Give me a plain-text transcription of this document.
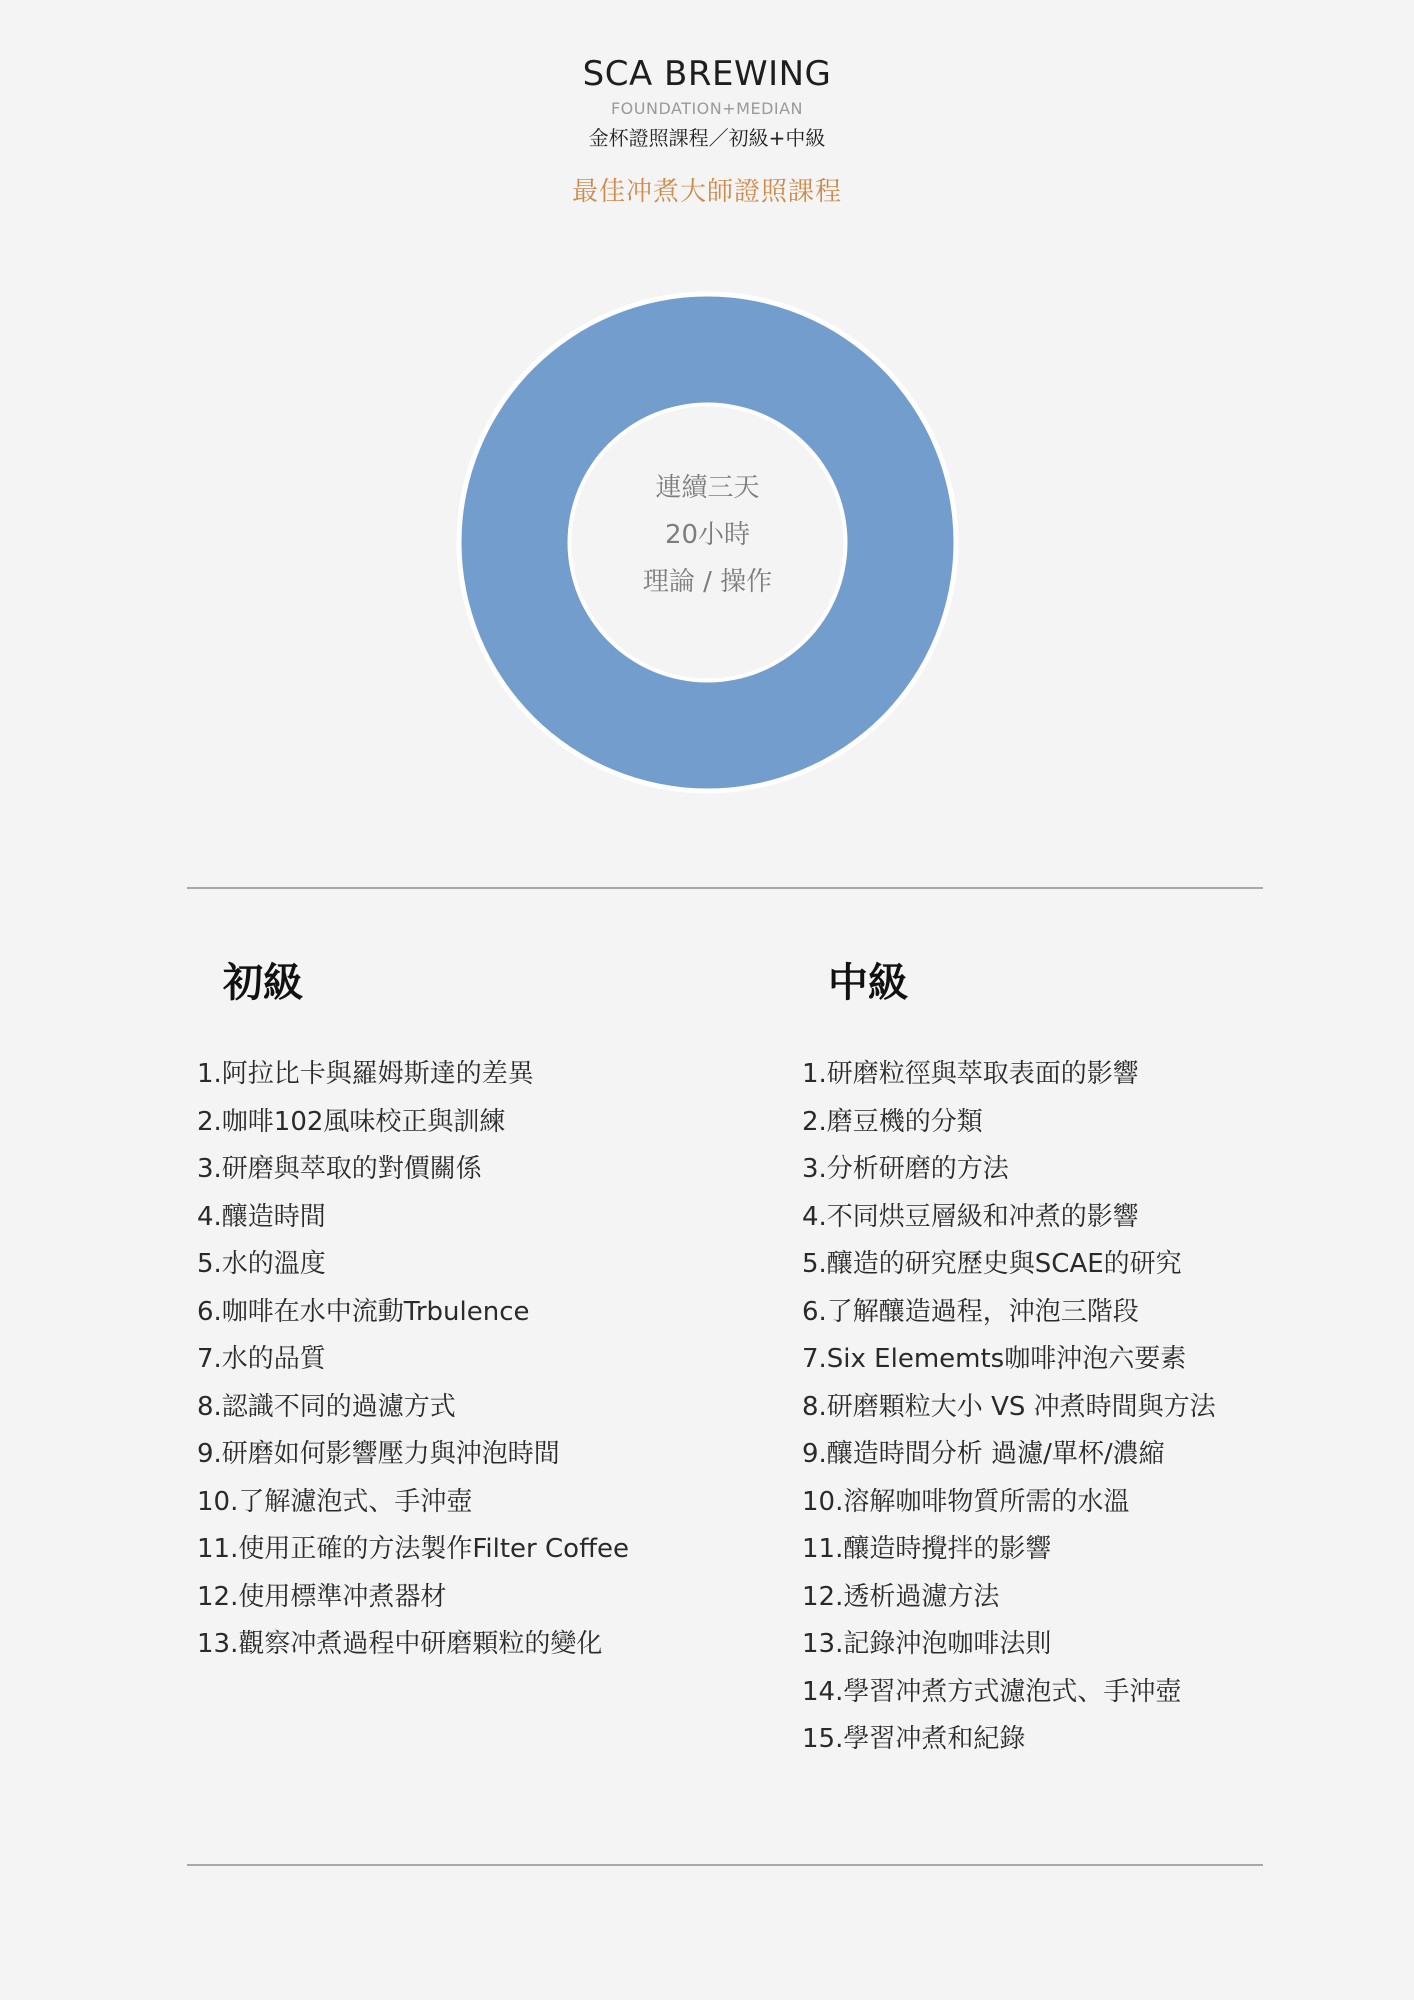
SCA BREWING
FOUNDATION+MEDIAN
金杯證照課程／初級+中級
最佳冲煮大師證照課程
連續三天
20小時
理論 / 操作
初級
1.阿拉比卡與羅姆斯達的差異
2.咖啡102風味校正與訓練
3.研磨與萃取的對價關係
4.釀造時間
5.水的溫度
6.咖啡在水中流動Trbulence
7.水的品質
8.認識不同的過濾方式
9.研磨如何影響壓力與沖泡時間
10.了解濾泡式、手沖壺
11.使用正確的方法製作Filter Coffee
12.使用標準冲煮器材
13.觀察冲煮過程中研磨顆粒的變化
中級
1.研磨粒徑與萃取表面的影響
2.磨豆機的分類
3.分析研磨的方法
4.不同烘豆層級和冲煮的影響
5.釀造的研究歷史與SCAE的研究
6.了解釀造過程，沖泡三階段
7.Six Elememts咖啡沖泡六要素
8.研磨顆粒大小 VS 冲煮時間與方法
9.釀造時間分析 過濾/單杯/濃縮
10.溶解咖啡物質所需的水溫
11.釀造時攪拌的影響
12.透析過濾方法
13.記錄沖泡咖啡法則
14.學習冲煮方式濾泡式、手沖壺
15.學習冲煮和紀錄
